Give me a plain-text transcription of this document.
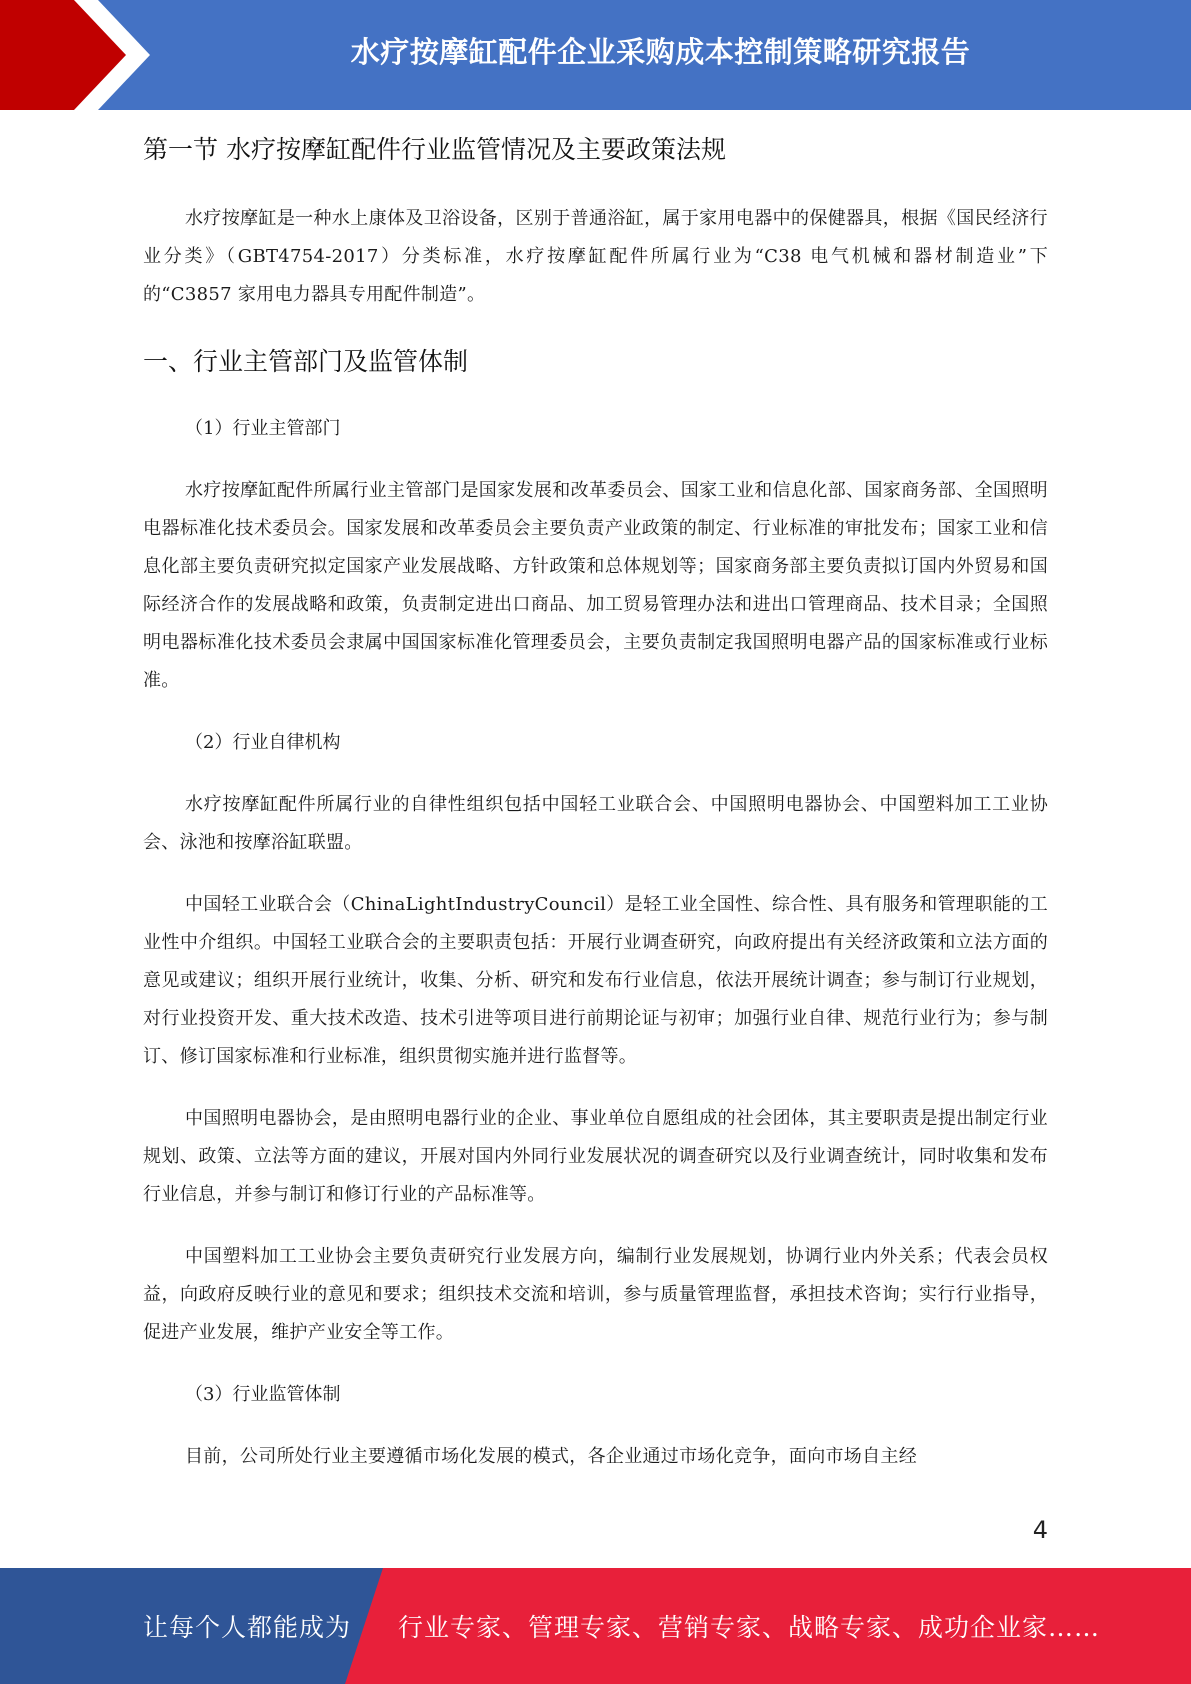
水疗按摩缸配件企业采购成本控制策略研究报告
第一节 水疗按摩缸配件行业监管情况及主要政策法规

水疗按摩缸是一种水上康体及卫浴设备，区别于普通浴缸，属于家用电器中的保健器具，根据《国民经济行业分类》（GBT4754-2017）分类标准，水疗按摩缸配件所属行业为“C38 电气机械和器材制造业”下的“C3857 家用电力器具专用配件制造”。

一、行业主管部门及监管体制

（1）行业主管部门

水疗按摩缸配件所属行业主管部门是国家发展和改革委员会、国家工业和信息化部、国家商务部、全国照明电器标准化技术委员会。国家发展和改革委员会主要负责产业政策的制定、行业标准的审批发布；国家工业和信息化部主要负责研究拟定国家产业发展战略、方针政策和总体规划等；国家商务部主要负责拟订国内外贸易和国际经济合作的发展战略和政策，负责制定进出口商品、加工贸易管理办法和进出口管理商品、技术目录；全国照明电器标准化技术委员会隶属中国国家标准化管理委员会，主要负责制定我国照明电器产品的国家标准或行业标准。

（2）行业自律机构

水疗按摩缸配件所属行业的自律性组织包括中国轻工业联合会、中国照明电器协会、中国塑料加工工业协会、泳池和按摩浴缸联盟。

中国轻工业联合会（ChinaLightIndustryCouncil）是轻工业全国性、综合性、具有服务和管理职能的工业性中介组织。中国轻工业联合会的主要职责包括：开展行业调查研究，向政府提出有关经济政策和立法方面的意见或建议；组织开展行业统计，收集、分析、研究和发布行业信息，依法开展统计调查；参与制订行业规划，对行业投资开发、重大技术改造、技术引进等项目进行前期论证与初审；加强行业自律、规范行业行为；参与制订、修订国家标准和行业标准，组织贯彻实施并进行监督等。

中国照明电器协会，是由照明电器行业的企业、事业单位自愿组成的社会团体，其主要职责是提出制定行业规划、政策、立法等方面的建议，开展对国内外同行业发展状况的调查研究以及行业调查统计，同时收集和发布行业信息，并参与制订和修订行业的产品标准等。

中国塑料加工工业协会主要负责研究行业发展方向，编制行业发展规划，协调行业内外关系；代表会员权益，向政府反映行业的意见和要求；组织技术交流和培训，参与质量管理监督，承担技术咨询；实行行业指导，促进产业发展，维护产业安全等工作。

（3）行业监管体制

目前，公司所处行业主要遵循市场化发展的模式，各企业通过市场化竞争，面向市场自主经

4
让每个人都能成为 行业专家、管理专家、营销专家、战略专家、成功企业家……
